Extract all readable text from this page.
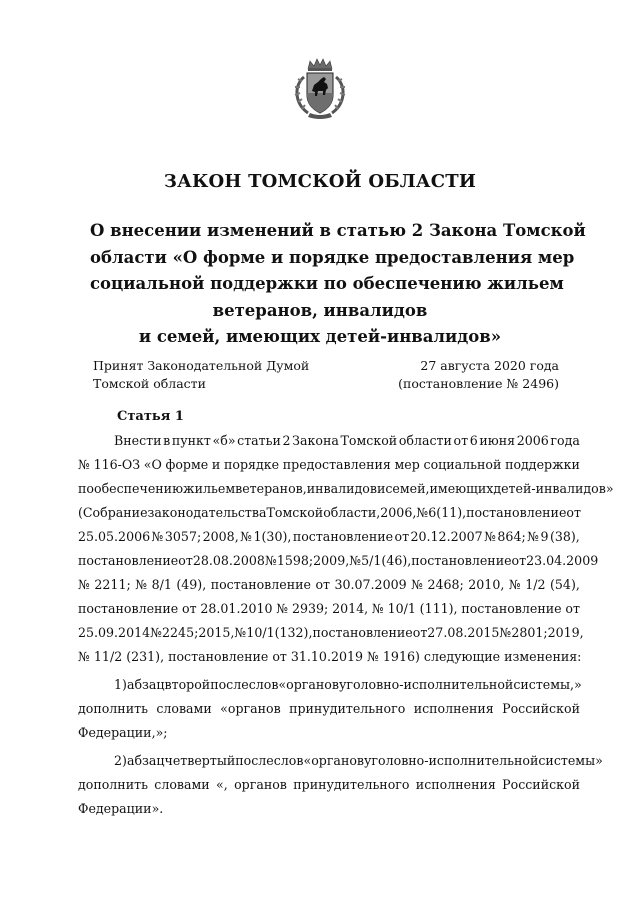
ЗАКОН ТОМСКОЙ ОБЛАСТИ
О внесении изменений в статью 2 Закона Томской
области «О форме и порядке предоставления мер
социальной поддержки по обеспечению жильем
ветеранов, инвалидов
и семей, имеющих детей-инвалидов»
Принят Законодательной Думой
Томской области
27 августа 2020 года
(постановление № 2496)
Статья 1
Внести в пункт «б» статьи 2 Закона Томской области от 6 июня 2006 года
№ 116-ОЗ «О форме и порядке предоставления мер социальной поддержки
по обеспечению жильем ветеранов, инвалидов и семей, имеющих детей-инвалидов»
(Собрание законодательства Томской области, 2006, № 6 (11), постановление от
25.05.2006 № 3057; 2008, № 1(30), постановление от 20.12.2007 № 864; № 9 (38),
постановление от 28.08.2008 № 1598; 2009, № 5/1 (46), постановление от 23.04.2009
№ 2211; № 8/1 (49), постановление от 30.07.2009 № 2468; 2010, № 1/2 (54),
постановление от 28.01.2010 № 2939; 2014, № 10/1 (111), постановление от
25.09.2014 № 2245; 2015, № 10/1 (132), постановление от 27.08.2015 № 2801; 2019,
№ 11/2 (231), постановление от 31.10.2019 № 1916) следующие изменения:
1) абзац второй после слов «органов уголовно-исполнительной системы,»
дополнить словами «органов принудительного исполнения Российской
Федерации,»;
2) абзац четвертый после слов «органов уголовно-исполнительной системы»
дополнить словами «, органов принудительного исполнения Российской
Федерации».
